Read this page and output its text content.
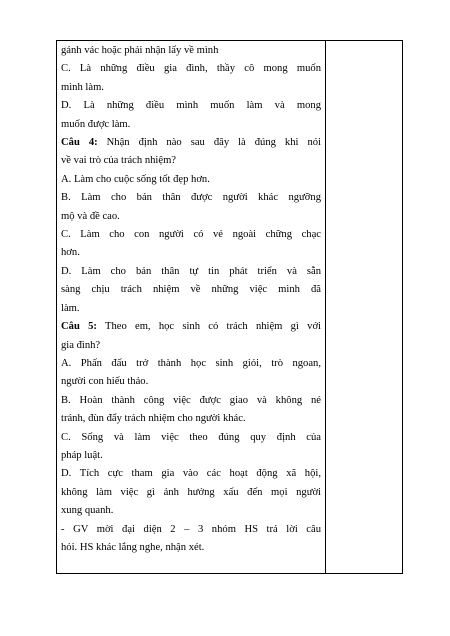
gánh vác hoặc phải nhận lấy về mình
C. Là những điều gia đình, thầy cô mong muốn
mình làm.
D. Là những điều mình muốn làm và mong
muốn được làm.
Câu 4: Nhận định nào sau đây là đúng khi nói
về vai trò của trách nhiệm?
A. Làm cho cuộc sống tốt đẹp hơn.
B. Làm cho bản thân được người khác ngưỡng
mộ và đề cao.
C. Làm cho con người có vẻ ngoài chững chạc
hơn.
D. Làm cho bản thân tự tin phát triển và sẵn
sàng chịu trách nhiệm về những việc mình đã
làm.
Câu 5: Theo em, học sinh có trách nhiệm gì với
gia đình?
A. Phấn đấu trở thành học sinh giỏi, trò ngoan,
người con hiếu thảo.
B. Hoàn thành công việc được giao và không né
tránh, đùn đẩy trách nhiệm cho người khác.
C. Sống và làm việc theo đúng quy định của
pháp luật.
D. Tích cực tham gia vào các hoạt động xã hội,
không làm việc gì ảnh hưởng xấu đến mọi người
xung quanh.
- GV mời đại diện 2 – 3 nhóm HS trả lời câu
hỏi. HS khác lắng nghe, nhận xét.
